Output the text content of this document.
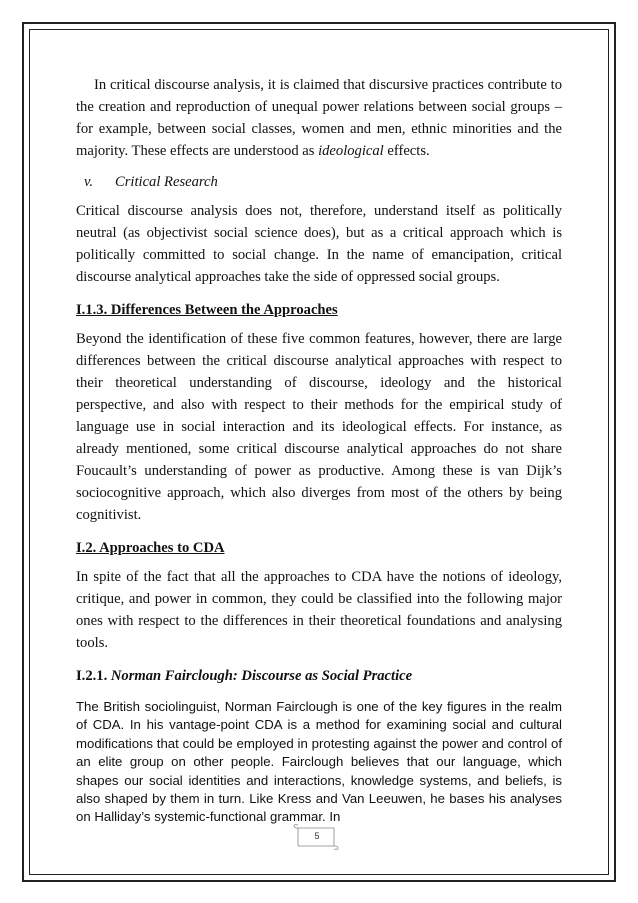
In critical discourse analysis, it is claimed that discursive practices contribute to the creation and reproduction of unequal power relations between social groups – for example, between social classes, women and men, ethnic minorities and the majority. These effects are understood as ideological effects.

v. Critical Research

Critical discourse analysis does not, therefore, understand itself as politically neutral (as objectivist social science does), but as a critical approach which is politically committed to social change. In the name of emancipation, critical discourse analytical approaches take the side of oppressed social groups.

I.1.3. Differences Between the Approaches

Beyond the identification of these five common features, however, there are large differences between the critical discourse analytical approaches with respect to their theoretical understanding of discourse, ideology and the historical perspective, and also with respect to their methods for the empirical study of language use in social interaction and its ideological effects. For instance, as already mentioned, some critical discourse analytical approaches do not share Foucault’s understanding of power as productive. Among these is van Dijk’s sociocognitive approach, which also diverges from most of the others by being cognitivist.

I.2. Approaches to CDA

In spite of the fact that all the approaches to CDA have the notions of ideology, critique, and power in common, they could be classified into the following major ones with respect to the differences in their theoretical foundations and analysing tools.

I.2.1. Norman Fairclough: Discourse as Social Practice

The British sociolinguist, Norman Fairclough is one of the key figures in the realm of CDA. In his vantage-point CDA is a method for examining social and cultural modifications that could be employed in protesting against the power and control of an elite group on other people. Fairclough believes that our language, which shapes our social identities and interactions, knowledge systems, and beliefs, is also shaped by them in turn. Like Kress and Van Leeuwen, he bases his analyses on Halliday’s systemic-functional grammar. In

5
